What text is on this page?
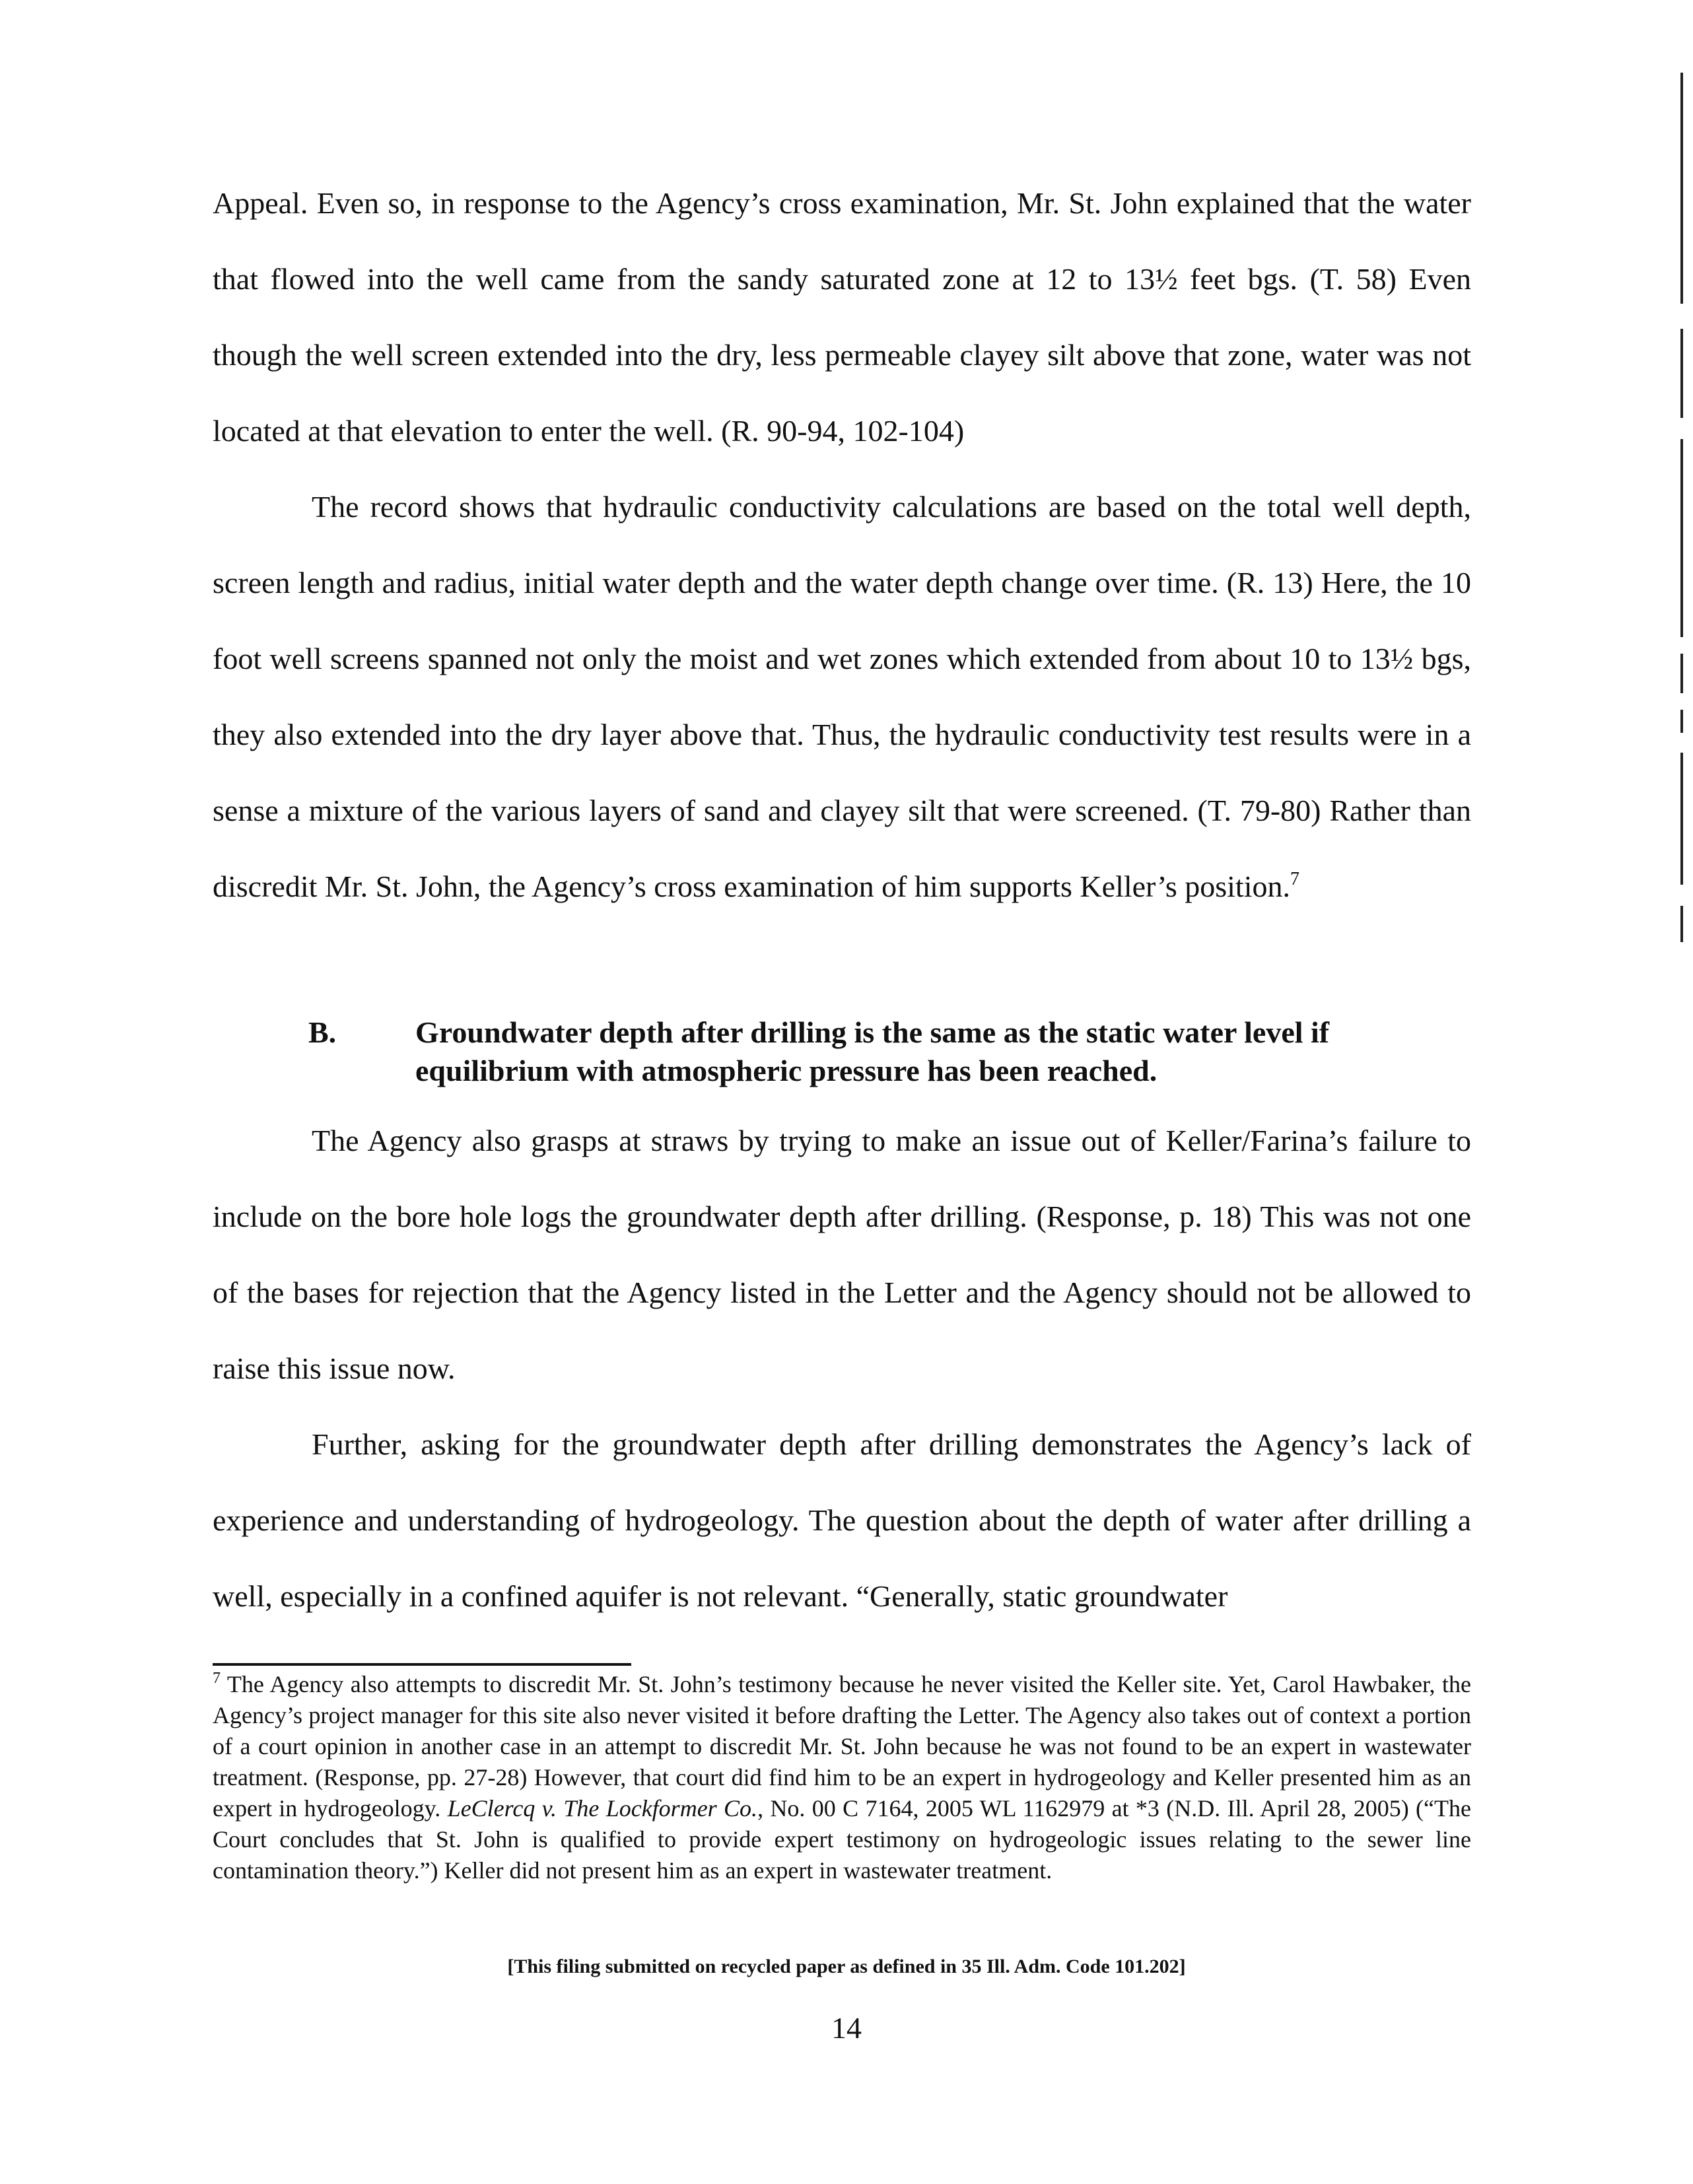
Appeal. Even so, in response to the Agency’s cross examination, Mr. St. John explained that the water that flowed into the well came from the sandy saturated zone at 12 to 13½ feet bgs. (T. 58) Even though the well screen extended into the dry, less permeable clayey silt above that zone, water was not located at that elevation to enter the well. (R. 90-94, 102-104)

The record shows that hydraulic conductivity calculations are based on the total well depth, screen length and radius, initial water depth and the water depth change over time. (R. 13) Here, the 10 foot well screens spanned not only the moist and wet zones which extended from about 10 to 13½ bgs, they also extended into the dry layer above that. Thus, the hydraulic conductivity test results were in a sense a mixture of the various layers of sand and clayey silt that were screened. (T. 79-80) Rather than discredit Mr. St. John, the Agency’s cross examination of him supports Keller’s position.$^7$

B.	Groundwater depth after drilling is the same as the static water level if equilibrium with atmospheric pressure has been reached.

The Agency also grasps at straws by trying to make an issue out of Keller/Farina’s failure to include on the bore hole logs the groundwater depth after drilling. (Response, p. 18) This was not one of the bases for rejection that the Agency listed in the Letter and the Agency should not be allowed to raise this issue now.

Further, asking for the groundwater depth after drilling demonstrates the Agency’s lack of experience and understanding of hydrogeology. The question about the depth of water after drilling a well, especially in a confined aquifer is not relevant. “Generally, static groundwater

$^7$ The Agency also attempts to discredit Mr. St. John’s testimony because he never visited the Keller site. Yet, Carol Hawbaker, the Agency’s project manager for this site also never visited it before drafting the Letter. The Agency also takes out of context a portion of a court opinion in another case in an attempt to discredit Mr. St. John because he was not found to be an expert in wastewater treatment. (Response, pp. 27-28) However, that court did find him to be an expert in hydrogeology and Keller presented him as an expert in hydrogeology. LeClercq v. The Lockformer Co., No. 00 C 7164, 2005 WL 1162979 at *3 (N.D. Ill. April 28, 2005) (“The Court concludes that St. John is qualified to provide expert testimony on hydrogeologic issues relating to the sewer line contamination theory.”) Keller did not present him as an expert in wastewater treatment.

[This filing submitted on recycled paper as defined in 35 Ill. Adm. Code 101.202]

14
